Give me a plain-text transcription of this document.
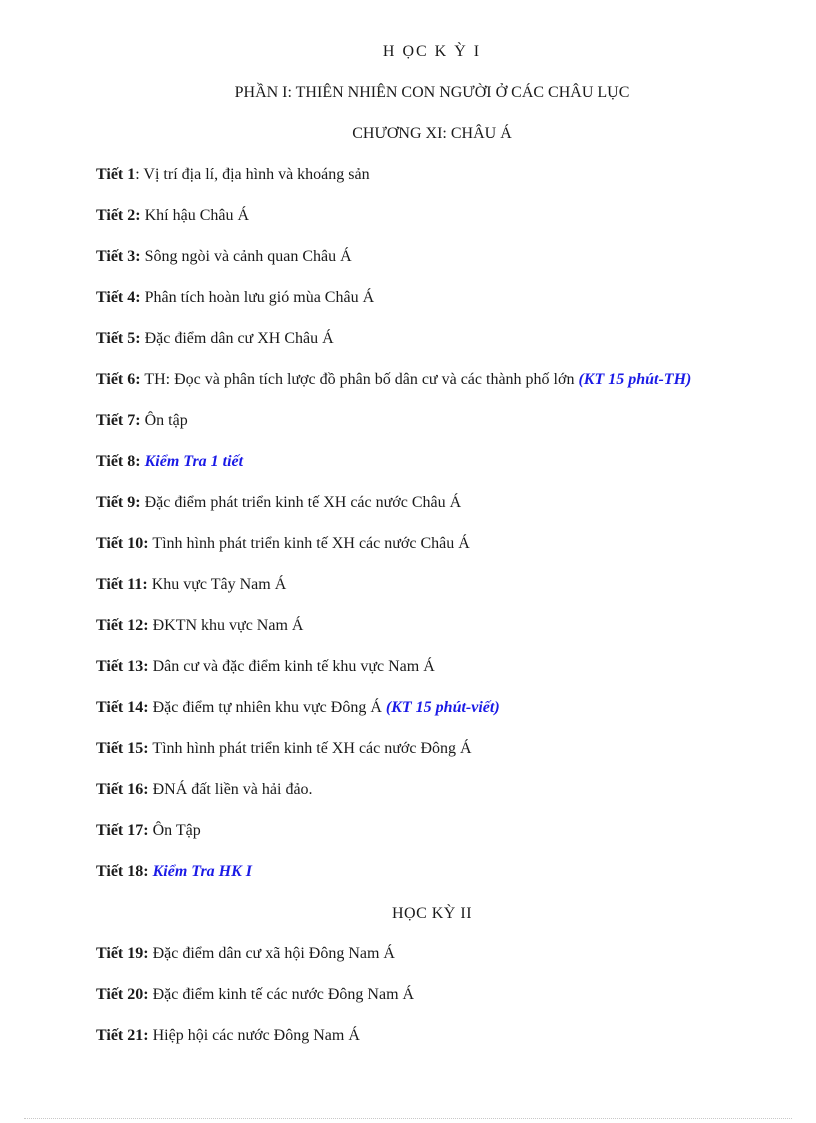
H ỌC K Ỳ I
PHẦN I: THIÊN NHIÊN CON NGƯỜI Ở CÁC CHÂU LỤC
CHƯƠNG XI: CHÂU Á
Tiết 1: Vị trí địa lí, địa hình và khoáng sản
Tiết 2: Khí hậu Châu Á
Tiết 3: Sông ngòi và cảnh quan Châu Á
Tiết 4: Phân tích hoàn lưu gió mùa Châu Á
Tiết 5: Đặc điểm dân cư XH Châu Á
Tiết 6: TH: Đọc và phân tích lược đồ phân bố dân cư và các thành phố lớn (KT 15 phút-TH)
Tiết 7: Ôn tập
Tiết 8: Kiểm Tra 1 tiết
Tiết 9: Đặc điểm phát triển kinh tế XH các nước Châu Á
Tiết 10: Tình hình phát triển kinh tế XH các nước Châu Á
Tiết 11: Khu vực Tây Nam Á
Tiết 12: ĐKTN khu vực Nam Á
Tiết 13: Dân cư và đặc điểm kinh tế khu vực Nam Á
Tiết 14: Đặc điểm tự nhiên khu vực Đông Á (KT 15 phút-viết)
Tiết 15: Tình hình phát triển kinh tế XH các nước Đông Á
Tiết 16: ĐNÁ đất liền và hải đảo.
Tiết 17: Ôn Tập
Tiết 18: Kiểm Tra HK I
HỌC KỲ II
Tiết 19: Đặc điểm dân cư xã hội Đông Nam Á
Tiết 20: Đặc điểm kinh tế các nước Đông Nam Á
Tiết 21: Hiệp hội các nước Đông Nam Á
